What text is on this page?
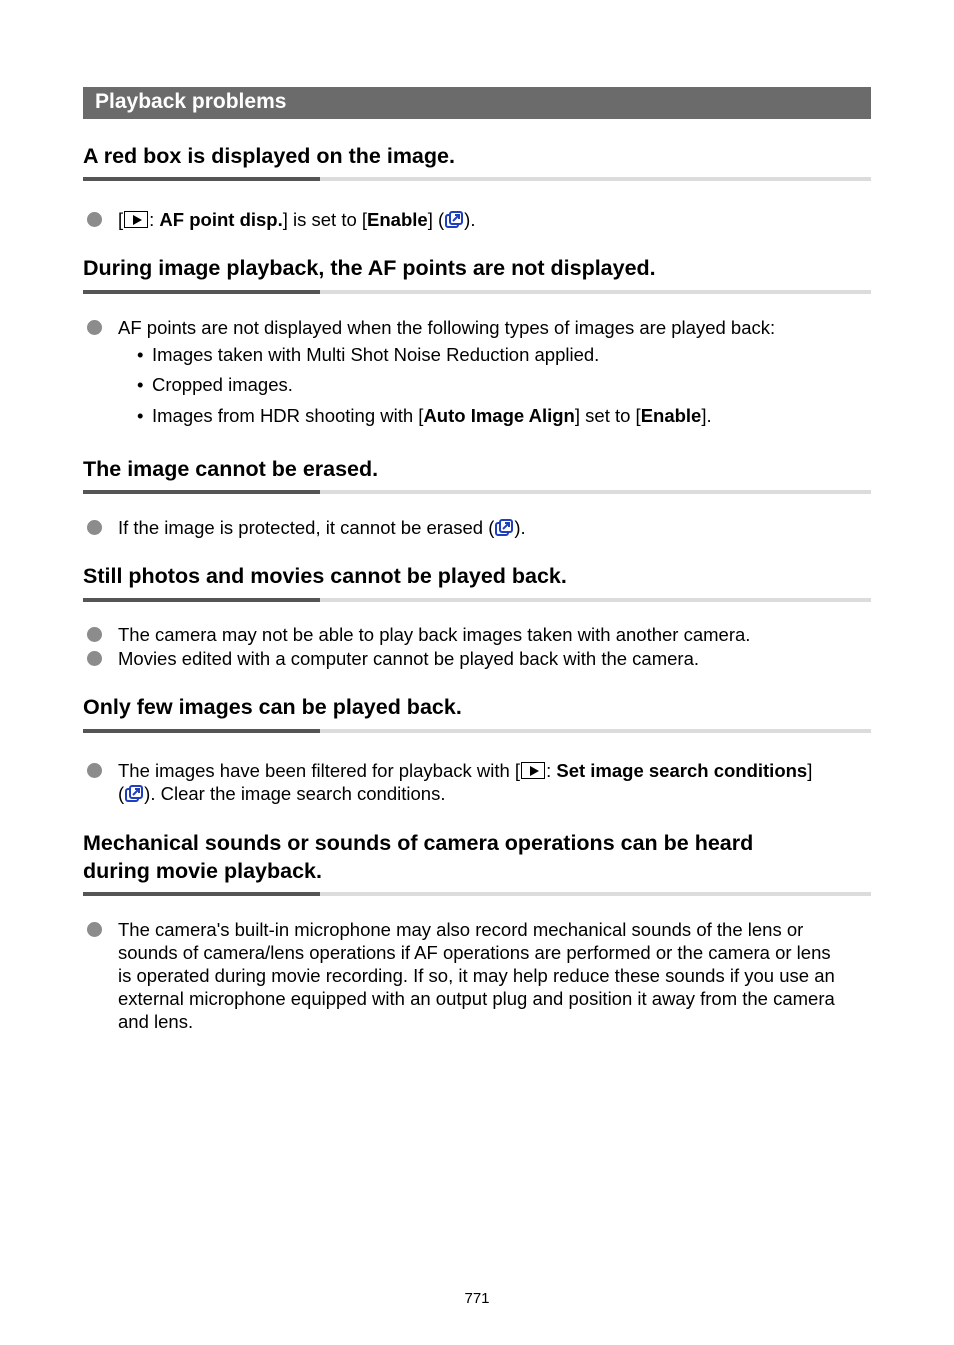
Playback problems
A red box is displayed on the image.
[ : AF point disp.] is set to [Enable] ( ).
During image playback, the AF points are not displayed.
AF points are not displayed when the following types of images are played back:
• Images taken with Multi Shot Noise Reduction applied.
• Cropped images.
• Images from HDR shooting with [Auto Image Align] set to [Enable].
The image cannot be erased.
If the image is protected, it cannot be erased ( ).
Still photos and movies cannot be played back.
The camera may not be able to play back images taken with another camera.
Movies edited with a computer cannot be played back with the camera.
Only few images can be played back.
The images have been filtered for playback with [ : Set image search conditions]
( ). Clear the image search conditions.
Mechanical sounds or sounds of camera operations can be heard
during movie playback.
The camera's built-in microphone may also record mechanical sounds of the lens or
sounds of camera/lens operations if AF operations are performed or the camera or lens
is operated during movie recording. If so, it may help reduce these sounds if you use an
external microphone equipped with an output plug and position it away from the camera
and lens.
771
